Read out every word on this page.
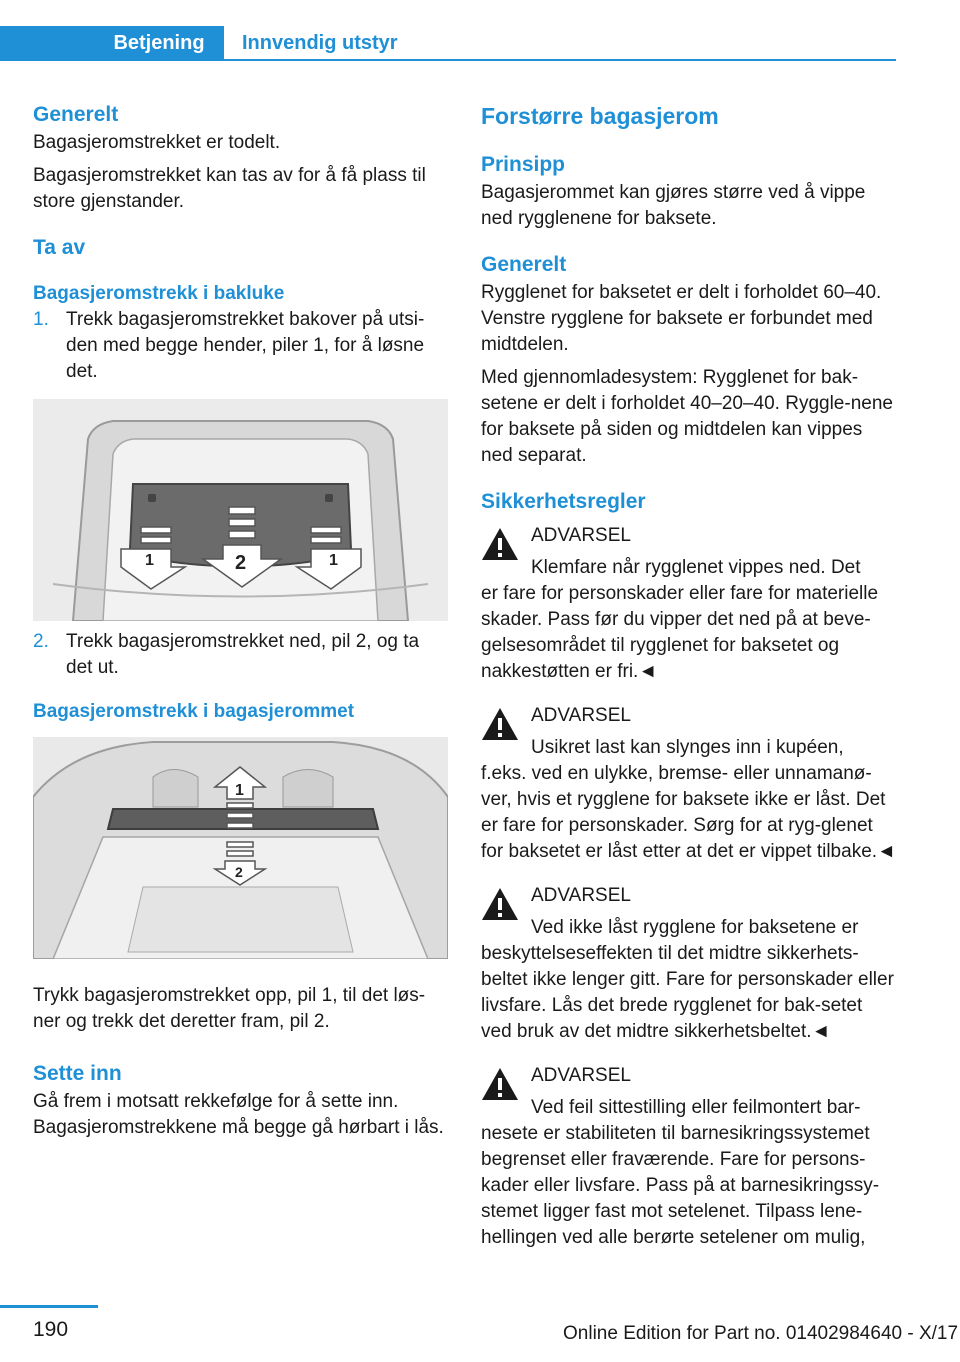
Betjening	Innvendig utstyr
Generelt

Bagasjeromstrekket er todelt.

Bagasjeromstrekket kan tas av for å få plass til store gjenstander.

Ta av
Bagasjeromstrekk i bakluke
1. Trekk bagasjeromstrekket bakover på utsi-den med begge hender, piler 1, for å løsne det.
1	2	1
2. Trekk bagasjeromstrekket ned, pil 2, og ta det ut.
Bagasjeromstrekk i bagasjerommet
1
2

Trykk bagasjeromstrekket opp, pil 1, til det løs-ner og trekk det deretter fram, pil 2.

Sette inn

Gå frem i motsatt rekkefølge for å sette inn.

Bagasjeromstrekkene må begge gå hørbart i lås.

Forstørre bagasjerom
Prinsipp

Bagasjerommet kan gjøres større ved å vippe ned rygglenene for baksete.

Generelt

Rygglenet for baksetet er delt i forholdet 60–40. Venstre rygglene for baksete er forbundet med midtdelen.

Med gjennomladesystem: Rygglenet for bak-setene er delt i forholdet 40–20–40. Ryggle-nene for baksete på siden og midtdelen kan vippes ned separat.

Sikkerhetsregler

ADVARSEL

Klemfare når rygglenet vippes ned. Det

er fare for personskader eller fare for materielle skader. Pass før du vipper det ned på at beve-gelsesområdet til rygglenet for baksetet og nakkestøtten er fri.◄

ADVARSEL

Usikret last kan slynges inn i kupéen,

f.eks. ved en ulykke, bremse- eller unnamanø-ver, hvis et rygglene for baksete ikke er låst. Det er fare for personskader. Sørg for at ryg-glenet for baksetet er låst etter at det er vippet tilbake.◄

ADVARSEL

Ved ikke låst rygglene for baksetene er

beskyttelseseffekten til det midtre sikkerhets-beltet ikke lenger gitt. Fare for personskader eller livsfare. Lås det brede rygglenet for bak-setet ved bruk av det midtre sikkerhetsbeltet.◄

ADVARSEL

Ved feil sittestilling eller feilmontert bar-

nesete er stabiliteten til barnesikringssystemet begrenset eller fraværende. Fare for persons-kader eller livsfare. Pass på at barnesikringssy-stemet ligger fast mot setelenet. Tilpass lene-hellingen ved alle berørte setelener om mulig,

190	Online Edition for Part no. 01402984640 - X/17
